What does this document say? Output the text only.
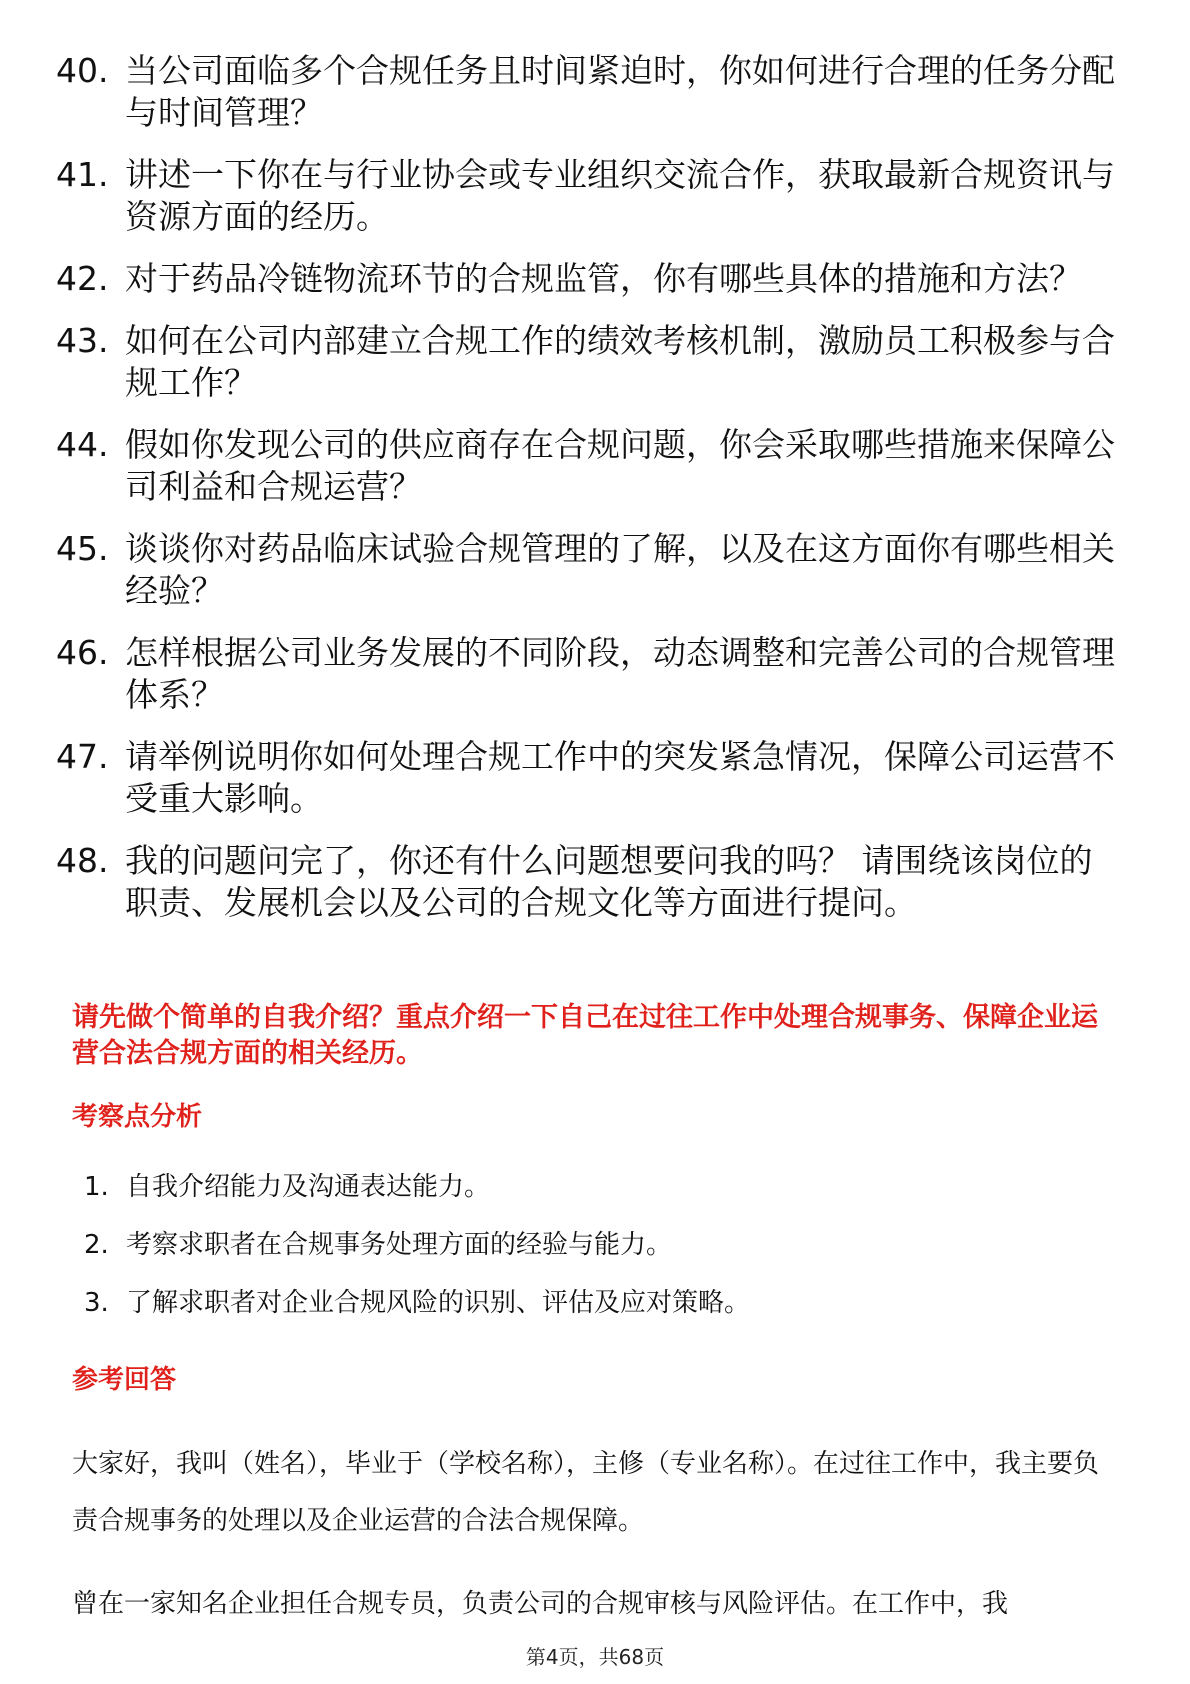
40. 当公司面临多个合规任务且时间紧迫时，你如何进行合理的任务分配与时间管理？
41. 讲述一下你在与行业协会或专业组织交流合作，获取最新合规资讯与资源方面的经历。
42. 对于药品冷链物流环节的合规监管，你有哪些具体的措施和方法？
43. 如何在公司内部建立合规工作的绩效考核机制，激励员工积极参与合规工作？
44. 假如你发现公司的供应商存在合规问题，你会采取哪些措施来保障公司利益和合规运营？
45. 谈谈你对药品临床试验合规管理的了解，以及在这方面你有哪些相关经验？
46. 怎样根据公司业务发展的不同阶段，动态调整和完善公司的合规管理体系？
47. 请举例说明你如何处理合规工作中的突发紧急情况，保障公司运营不受重大影响。
48. 我的问题问完了，你还有什么问题想要问我的吗？ 请围绕该岗位的职责、发展机会以及公司的合规文化等方面进行提问。
请先做个简单的自我介绍？重点介绍一下自己在过往工作中处理合规事务、保障企业运营合法合规方面的相关经历。
考察点分析
1. 自我介绍能力及沟通表达能力。
2. 考察求职者在合规事务处理方面的经验与能力。
3. 了解求职者对企业合规风险的识别、评估及应对策略。
参考回答

大家好，我叫（姓名），毕业于（学校名称），主修（专业名称）。在过往工作中，我主要负责合规事务的处理以及企业运营的合法合规保障。

曾在一家知名企业担任合规专员，负责公司的合规审核与风险评估。在工作中，我

第4页，共68页
